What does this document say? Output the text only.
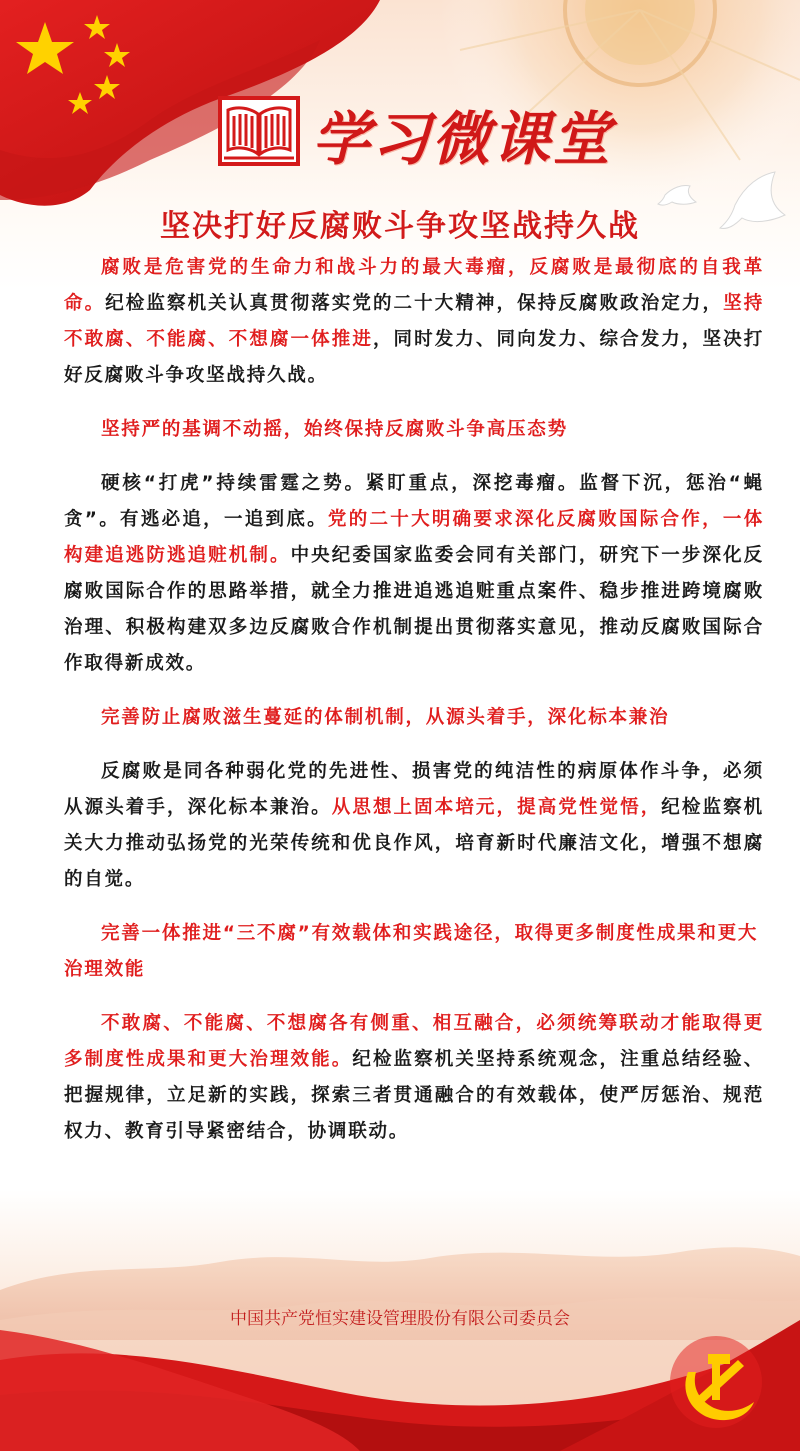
学习微课堂
坚决打好反腐败斗争攻坚战持久战

腐败是危害党的生命力和战斗力的最大毒瘤，反腐败是最彻底的自我革命。纪检监察机关认真贯彻落实党的二十大精神，保持反腐败政治定力，坚持不敢腐、不能腐、不想腐一体推进，同时发力、同向发力、综合发力，坚决打好反腐败斗争攻坚战持久战。

坚持严的基调不动摇，始终保持反腐败斗争高压态势

硬核“打虎”持续雷霆之势。紧盯重点，深挖毒瘤。监督下沉，惩治“蝇贪”。有逃必追，一追到底。党的二十大明确要求深化反腐败国际合作，一体构建追逃防逃追赃机制。中央纪委国家监委会同有关部门，研究下一步深化反腐败国际合作的思路举措，就全力推进追逃追赃重点案件、稳步推进跨境腐败治理、积极构建双多边反腐败合作机制提出贯彻落实意见，推动反腐败国际合作取得新成效。

完善防止腐败滋生蔓延的体制机制，从源头着手，深化标本兼治

反腐败是同各种弱化党的先进性、损害党的纯洁性的病原体作斗争，必须从源头着手，深化标本兼治。从思想上固本培元，提高党性觉悟，纪检监察机关大力推动弘扬党的光荣传统和优良作风，培育新时代廉洁文化，增强不想腐的自觉。

完善一体推进“三不腐”有效载体和实践途径，取得更多制度性成果和更大治理效能

不敢腐、不能腐、不想腐各有侧重、相互融合，必须统筹联动才能取得更多制度性成果和更大治理效能。纪检监察机关坚持系统观念，注重总结经验、把握规律，立足新的实践，探索三者贯通融合的有效载体，使严厉惩治、规范权力、教育引导紧密结合，协调联动。

中国共产党恒实建设管理股份有限公司委员会
